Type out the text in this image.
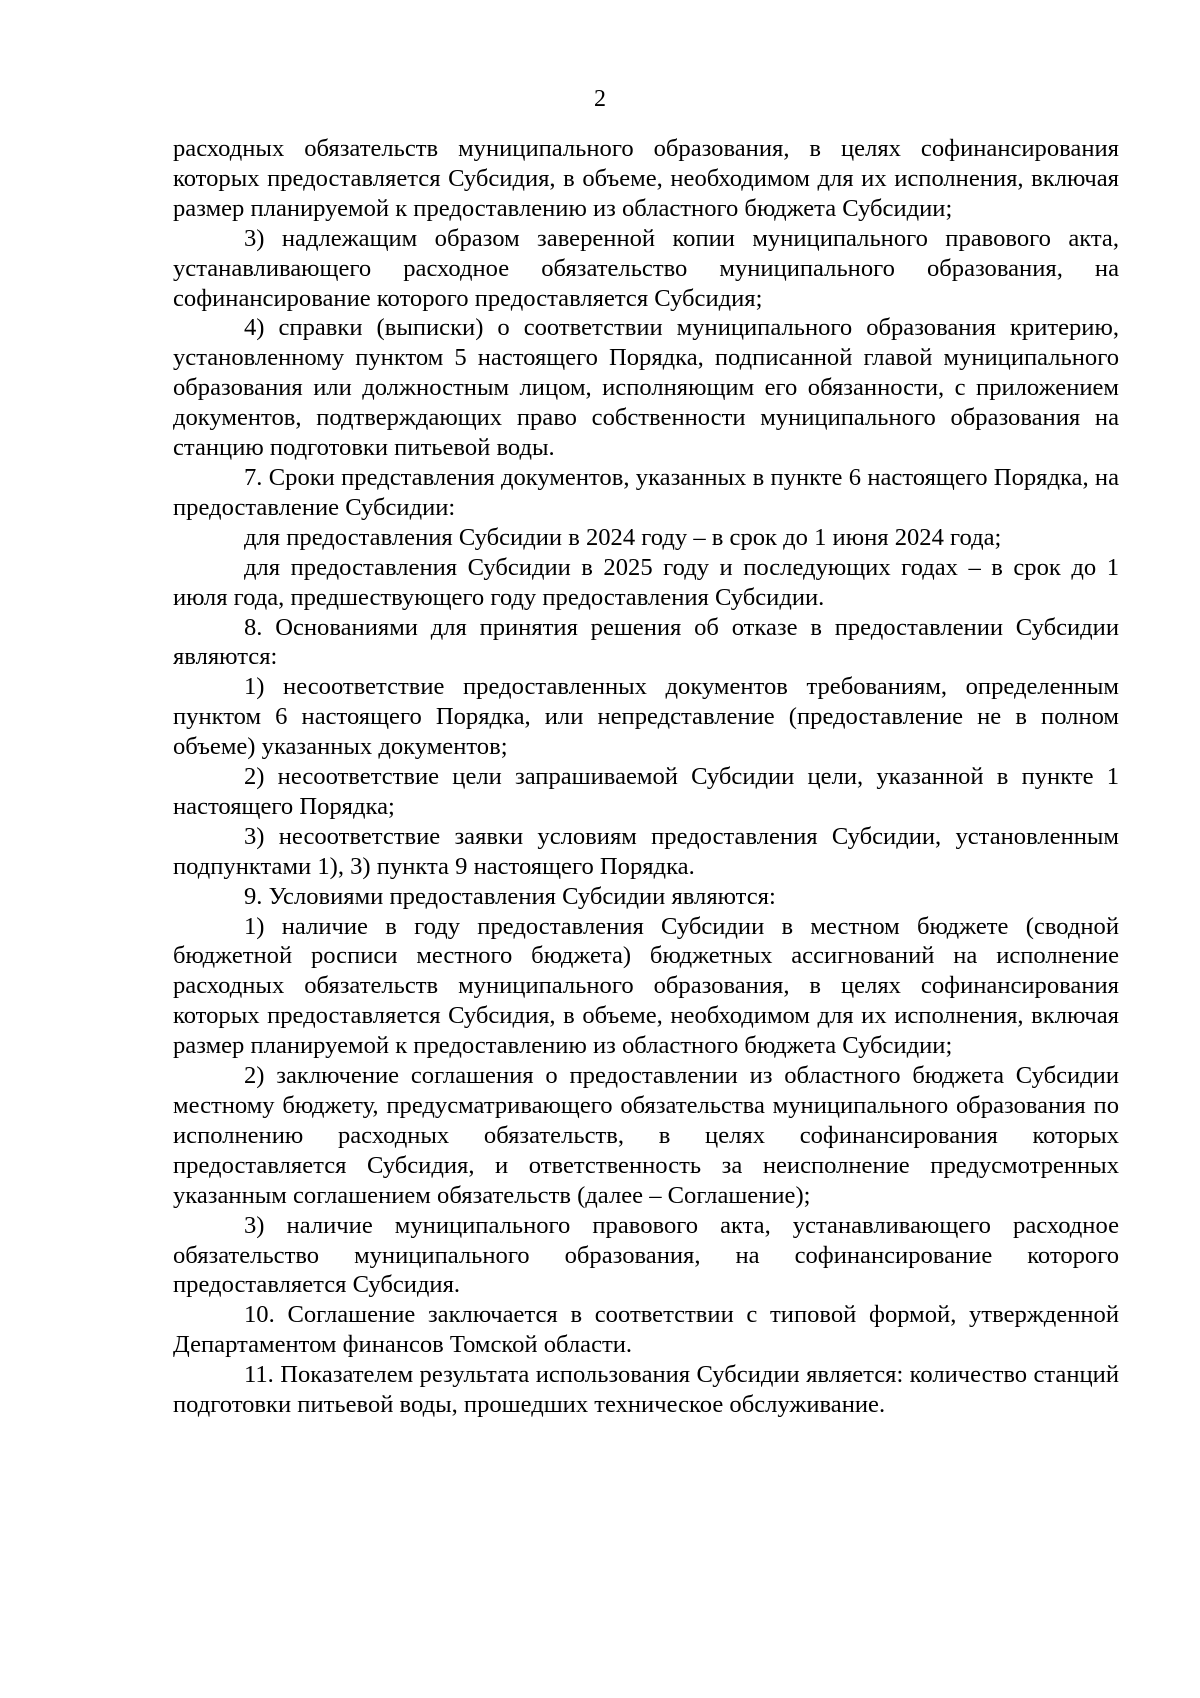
2

расходных обязательств муниципального образования, в целях софинансирования которых предоставляется Субсидия, в объеме, необходимом для их исполнения, включая размер планируемой к предоставлению из областного бюджета Субсидии;

3) надлежащим образом заверенной копии муниципального правового акта, устанавливающего расходное обязательство муниципального образования, на софинансирование которого предоставляется Субсидия;

4) справки (выписки) о соответствии муниципального образования критерию, установленному пунктом 5 настоящего Порядка, подписанной главой муниципального образования или должностным лицом, исполняющим его обязанности, с приложением документов, подтверждающих право собственности муниципального образования на станцию подготовки питьевой воды.

7. Сроки представления документов, указанных в пункте 6 настоящего Порядка, на предоставление Субсидии:

для предоставления Субсидии в 2024 году – в срок до 1 июня 2024 года;

для предоставления Субсидии в 2025 году и последующих годах – в срок до 1 июля года, предшествующего году предоставления Субсидии.

8. Основаниями для принятия решения об отказе в предоставлении Субсидии являются:

1) несоответствие предоставленных документов требованиям, определенным пунктом 6 настоящего Порядка, или непредставление (предоставление не в полном объеме) указанных документов;

2) несоответствие цели запрашиваемой Субсидии цели, указанной в пункте 1 настоящего Порядка;

3) несоответствие заявки условиям предоставления Субсидии, установленным подпунктами 1), 3) пункта 9 настоящего Порядка.

9. Условиями предоставления Субсидии являются:

1) наличие в году предоставления Субсидии в местном бюджете (сводной бюджетной росписи местного бюджета) бюджетных ассигнований на исполнение расходных обязательств муниципального образования, в целях софинансирования которых предоставляется Субсидия, в объеме, необходимом для их исполнения, включая размер планируемой к предоставлению из областного бюджета Субсидии;

2) заключение соглашения о предоставлении из областного бюджета Субсидии местному бюджету, предусматривающего обязательства муниципального образования по исполнению расходных обязательств, в целях софинансирования которых предоставляется Субсидия, и ответственность за неисполнение предусмотренных указанным соглашением обязательств (далее – Соглашение);

3) наличие муниципального правового акта, устанавливающего расходное обязательство муниципального образования, на софинансирование которого предоставляется Субсидия.

10. Соглашение заключается в соответствии с типовой формой, утвержденной Департаментом финансов Томской области.

11. Показателем результата использования Субсидии является: количество станций подготовки питьевой воды, прошедших техническое обслуживание.
